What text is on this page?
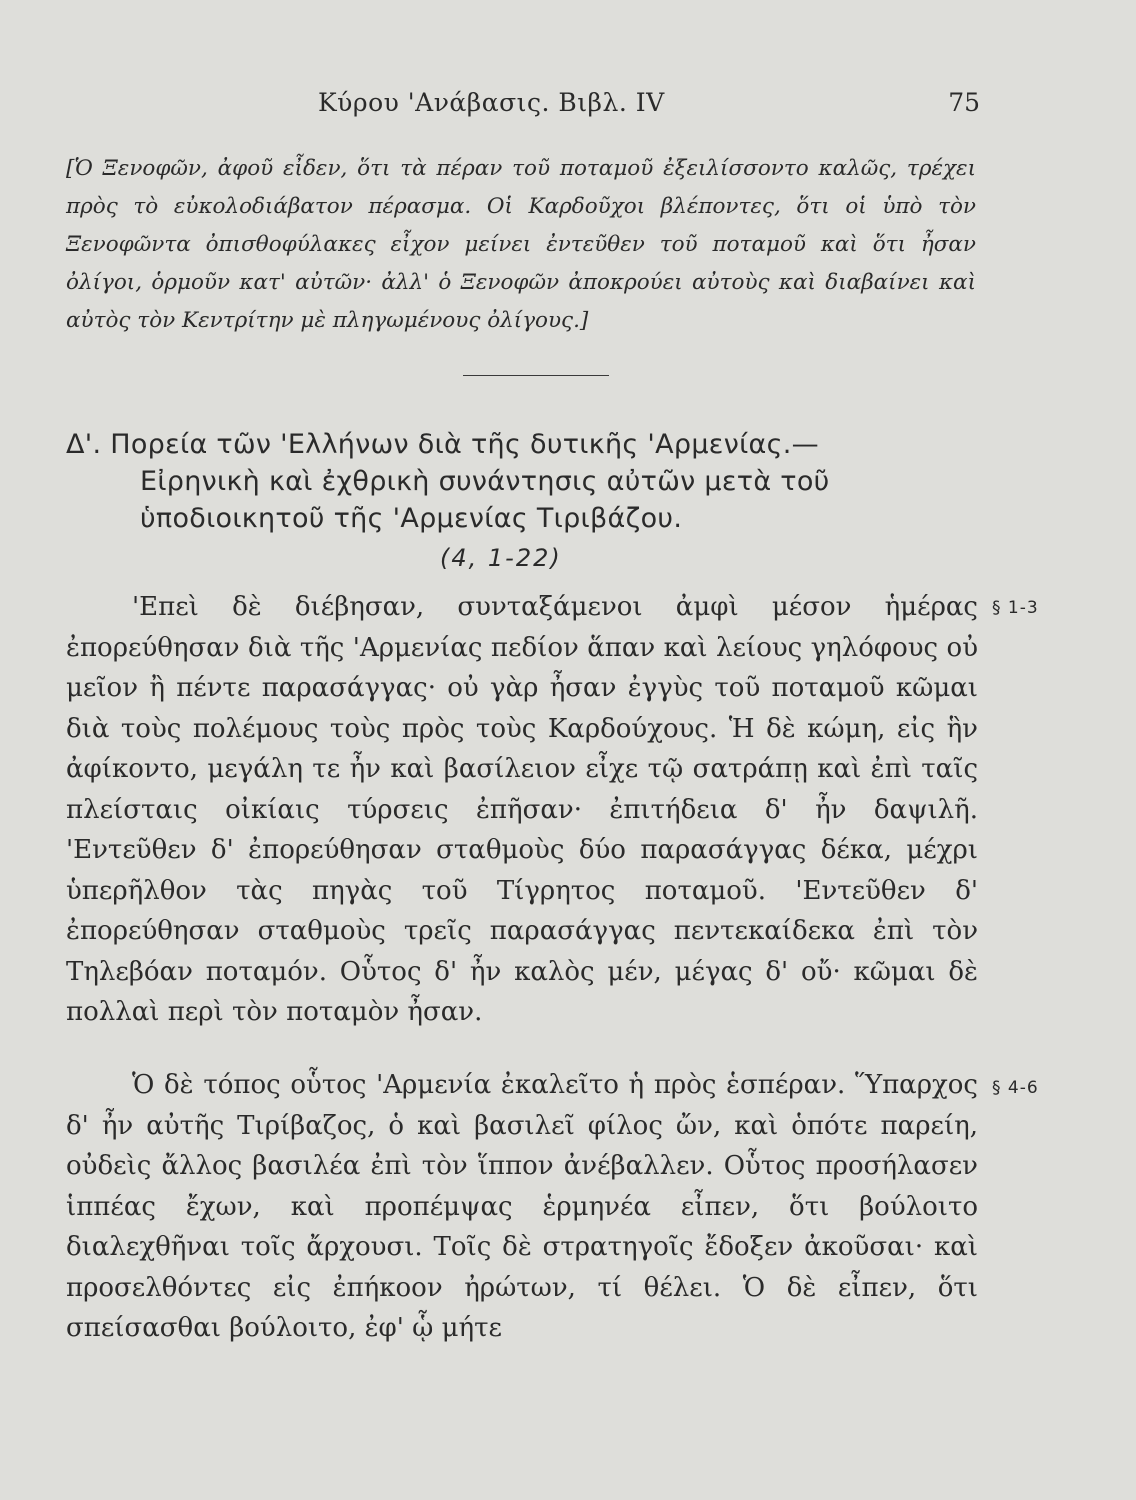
Κύρου 'Ανάβασις. Βιβλ. IV	75
[Ὁ Ξενοφῶν, ἀφοῦ εἶδεν, ὅτι τὰ πέραν τοῦ ποταμοῦ ἐξειλίσσοντο καλῶς, τρέχει πρὸς τὸ εὐκολοδιάβατον πέρασμα. Οἱ Καρδοῦχοι βλέποντες, ὅτι οἱ ὑπὸ τὸν Ξενοφῶντα ὀπισθοφύλακες εἶχον μείνει ἐντεῦθεν τοῦ ποταμοῦ καὶ ὅτι ἦσαν ὀλίγοι, ὁρμοῦν κατ' αὐτῶν· ἀλλ' ὁ Ξενοφῶν ἀποκρούει αὐτοὺς καὶ διαβαίνει καὶ αὐτὸς τὸν Κεντρίτην μὲ πληγωμένους ὀλίγους.]
Δ'. Πορεία τῶν 'Ελλήνων διὰ τῆς δυτικῆς 'Αρμενίας.—
Εἰρηνικὴ καὶ ἐχθρικὴ συνάντησις αὐτῶν μετὰ τοῦ
ὑποδιοικητοῦ τῆς 'Αρμενίας Τιριβάζου.
(4, 1-22)
'Επεὶ δὲ διέβησαν, συνταξάμενοι ἀμφὶ μέσον ἡμέρας ἐπορεύθησαν διὰ τῆς 'Αρμενίας πεδίον ἅπαν καὶ λείους γηλόφους οὐ μεῖον ἢ πέντε παρασάγγας· οὐ γὰρ ἦσαν ἐγγὺς τοῦ ποταμοῦ κῶμαι διὰ τοὺς πολέμους τοὺς πρὸς τοὺς Καρδούχους. Ἡ δὲ κώμη, εἰς ἣν ἀφίκοντο, μεγάλη τε ἦν καὶ βασίλειον εἶχε τῷ σατράπῃ καὶ ἐπὶ ταῖς πλείσταις οἰκίαις τύρσεις ἐπῆσαν· ἐπιτήδεια δ' ἦν δαψιλῆ. 'Εντεῦθεν δ' ἐπορεύθησαν σταθμοὺς δύο παρασάγγας δέκα, μέχρι ὑπερῆλθον τὰς πηγὰς τοῦ Τίγρητος ποταμοῦ. 'Εντεῦθεν δ' ἐπορεύθησαν σταθμοὺς τρεῖς παρασάγγας πεντεκαίδεκα ἐπὶ τὸν Τηλεβόαν ποταμόν. Οὗτος δ' ἦν καλὸς μέν, μέγας δ' οὔ· κῶμαι δὲ πολλαὶ περὶ τὸν ποταμὸν ἦσαν.
§ 1-3
Ὁ δὲ τόπος οὗτος 'Αρμενία ἐκαλεῖτο ἡ πρὸς ἑσπέραν. Ὕπαρχος δ' ἦν αὐτῆς Τιρίβαζος, ὁ καὶ βασιλεῖ φίλος ὤν, καὶ ὁπότε παρείη, οὐδεὶς ἄλλος βασιλέα ἐπὶ τὸν ἵππον ἀνέβαλλεν. Οὗτος προσήλασεν ἱππέας ἔχων, καὶ προπέμψας ἑρμηνέα εἶπεν, ὅτι βούλοιτο διαλεχθῆναι τοῖς ἄρχουσι. Τοῖς δὲ στρατηγοῖς ἔδοξεν ἀκοῦσαι· καὶ προσελθόντες εἰς ἐπήκοον ἠρώτων, τί θέλει. Ὁ δὲ εἶπεν, ὅτι σπείσασθαι βούλοιτο, ἐφ' ᾧ μήτε
§ 4-6
